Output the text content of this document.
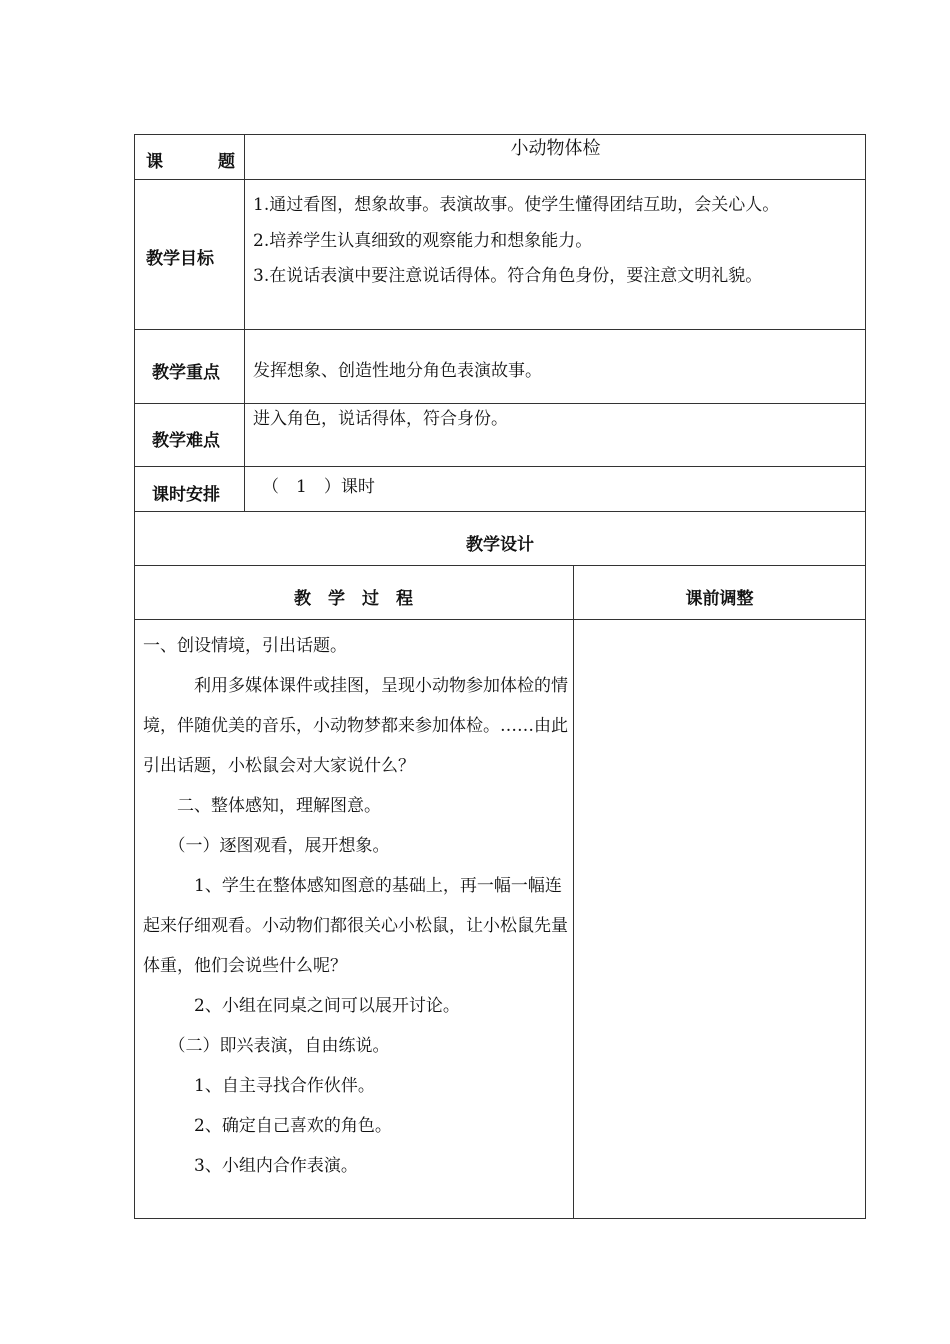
课　　　题
小动物体检
教学目标
1.通过看图，想象故事。表演故事。使学生懂得团结互助，会关心人。
2.培养学生认真细致的观察能力和想象能力。
3.在说话表演中要注意说话得体。符合角色身份，要注意文明礼貌。
教学重点 发挥想象、创造性地分角色表演故事。
教学难点
进入角色，说话得体，符合身份。
课时安排 （　1　）课时
教学设计
教　学　过　程	课前调整

一、创设情境，引出话题。

　　　利用多媒体课件或挂图，呈现小动物参加体检的情境，伴随优美的音乐，小动物梦都来参加体检。……由此引出话题，小松鼠会对大家说什么？

　　二、整体感知，理解图意。

　　（一）逐图观看，展开想象。

　　　1、学生在整体感知图意的基础上，再一幅一幅连起来仔细观看。小动物们都很关心小松鼠，让小松鼠先量体重，他们会说些什么呢？

　　　2、小组在同桌之间可以展开讨论。

　　（二）即兴表演，自由练说。

　　　1、自主寻找合作伙伴。

　　　2、确定自己喜欢的角色。

　　　3、小组内合作表演。
